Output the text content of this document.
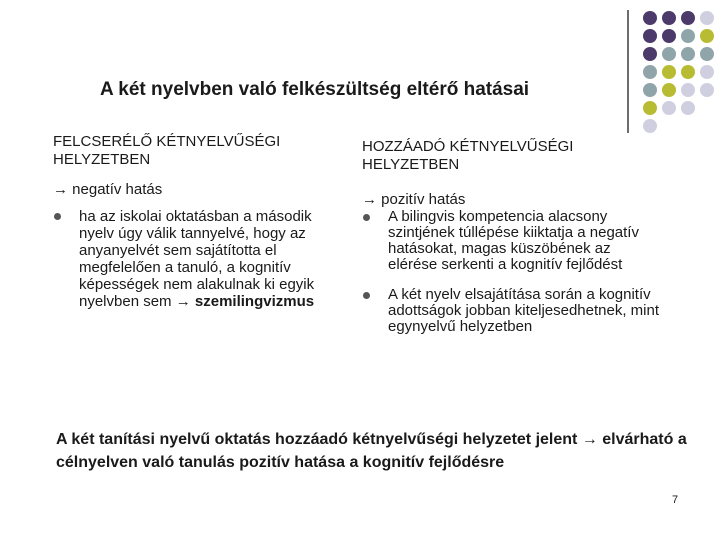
A két nyelvben való felkészültség eltérő hatásai

FELCSERÉLŐ KÉTNYELVŰSÉGI HELYZETBEN

→ negatív hatás
ha az iskolai oktatásban a második nyelv úgy válik tannyelvé, hogy az anyanyelvét sem sajátította el megfelelően a tanuló, a kognitív képességek nem alakulnak ki egyik nyelvben sem → szemilingvizmus

HOZZÁADÓ KÉTNYELVŰSÉGI HELYZETBEN

→ pozitív hatás
A bilingvis kompetencia alacsony szintjének túllépése kiiktatja a negatív hatásokat, magas küszöbének az elérése serkenti a kognitív fejlődést
A két nyelv elsajátítása során a kognitív adottságok jobban kiteljesedhetnek, mint egynyelvű helyzetben

A két tanítási nyelvű oktatás hozzáadó kétnyelvűségi helyzetet jelent → elvárható a célnyelven való tanulás pozitív hatása a kognitív fejlődésre

7
